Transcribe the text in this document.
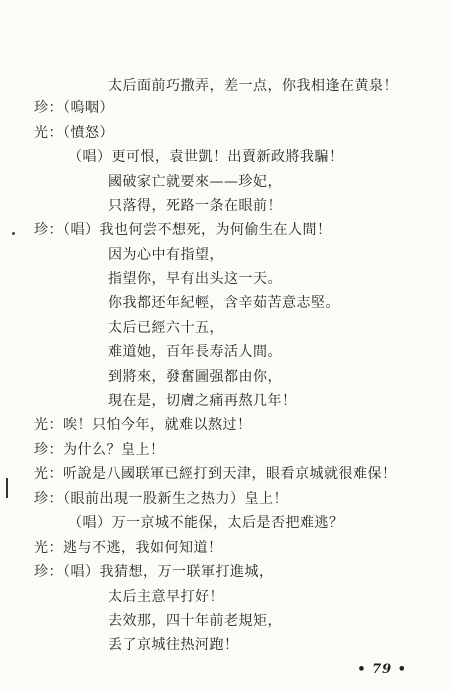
太后面前巧撒弄，差一点，你我相逢在黄泉！
珍：（嗚咽）
光：（憤怒）
（唱）更可恨，袁世凱！出賣新政將我騙！
國破家亡就要來——珍妃，
只落得，死路一条在眼前！
珍：（唱）我也何尝不想死，为何偷生在人間！
因为心中有指望，
指望你，早有出头这一天。
你我都还年紀輕，含辛茹苦意志堅。
太后已經六十五，
难道她，百年長寿活人間。
到將來，發奮圖强都由你，
現在是，切膚之痛再熬几年！
光：唉！只怕今年，就难以熬过！
珍：为什么？皇上！
光：听說是八國联軍已經打到天津，眼看京城就很难保！
珍：（眼前出現一股新生之热力）皇上！
（唱）万一京城不能保，太后是否把难逃？
光：逃与不逃，我如何知道！
珍：（唱）我猜想，万一联軍打進城，
太后主意早打好！
去效那，四十年前老規矩，
丢了京城往热河跑！
• 79 •
